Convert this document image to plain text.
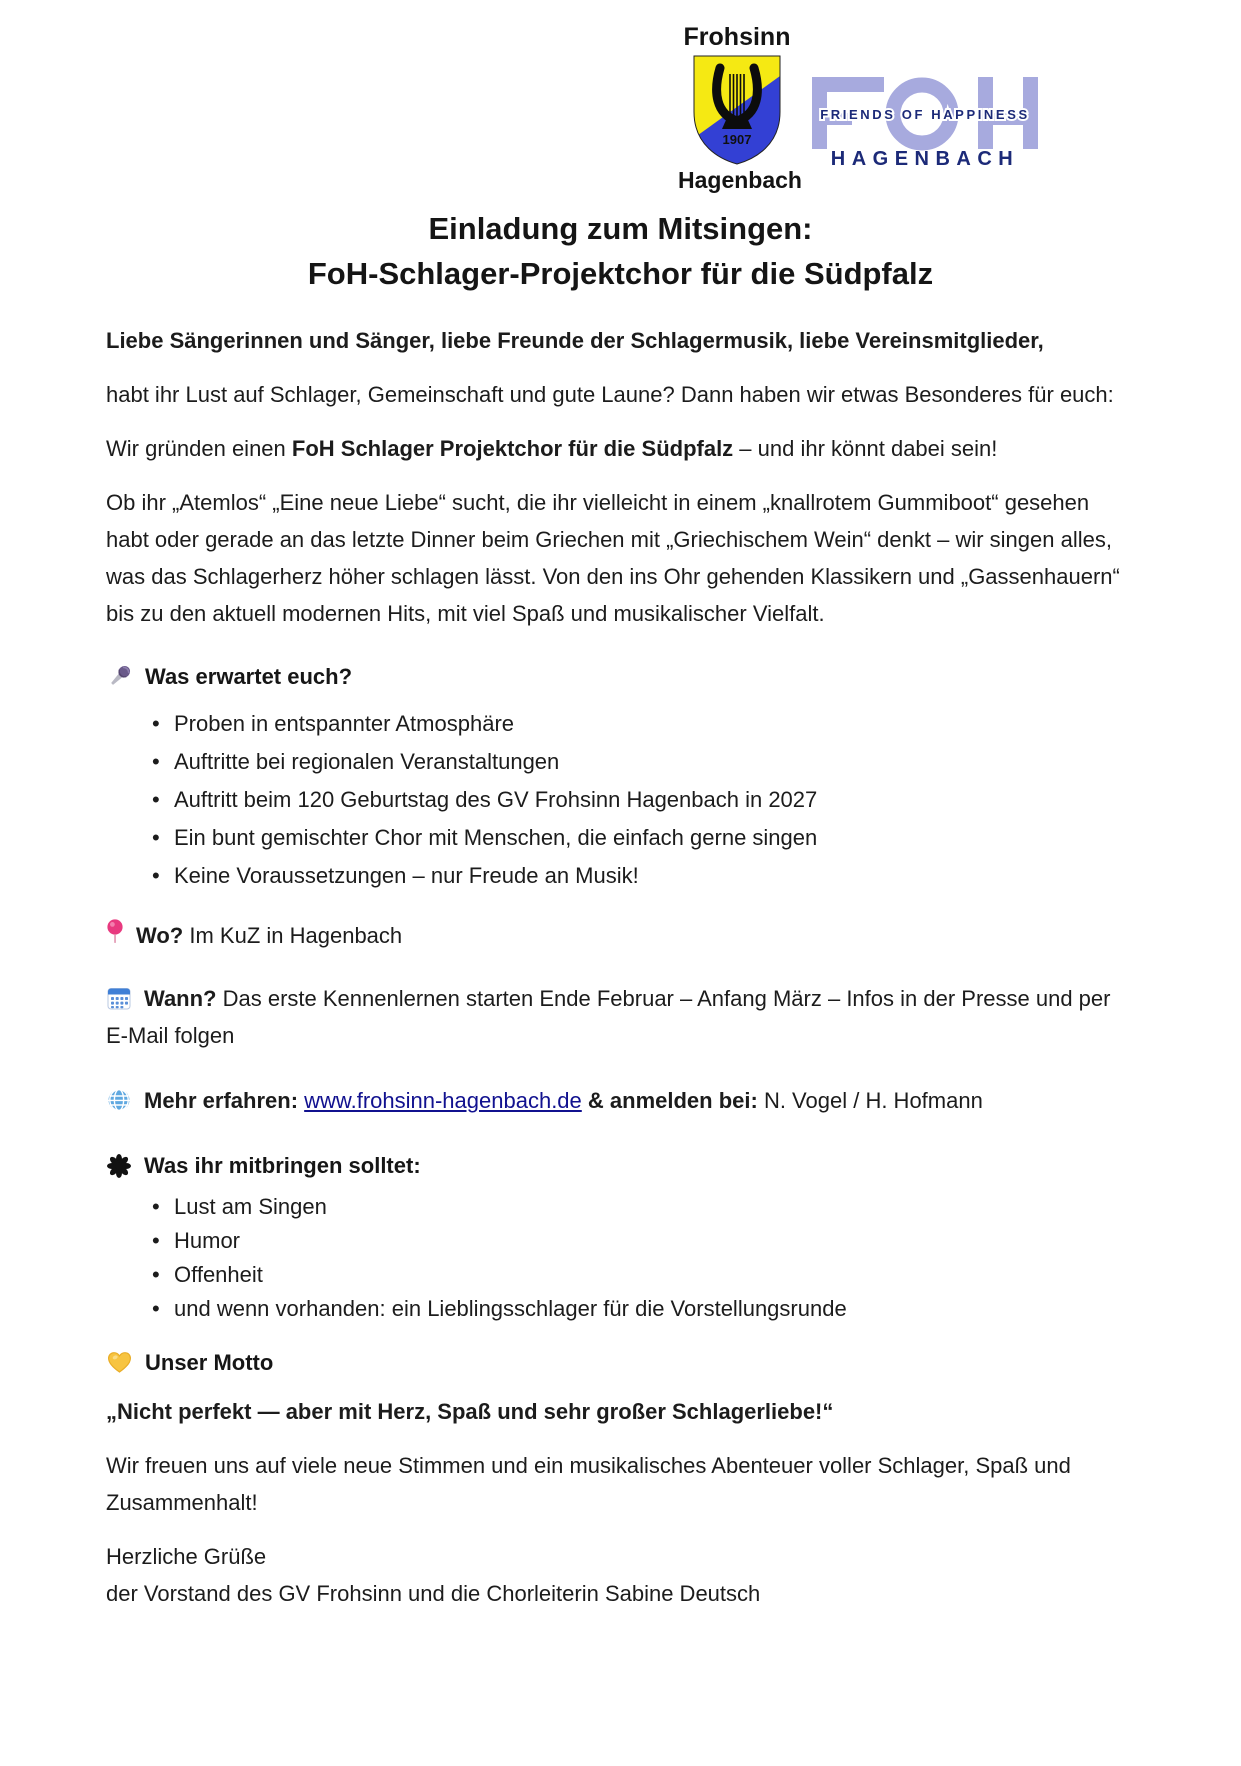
Frohsinn
1907
Hagenbach
FRIENDS OF HAPPINESS
HAGENBACH
Einladung zum Mitsingen:
FoH-Schlager-Projektchor für die Südpfalz

Liebe Sängerinnen und Sänger, liebe Freunde der Schlagermusik, liebe Vereinsmitglieder,

habt ihr Lust auf Schlager, Gemeinschaft und gute Laune? Dann haben wir etwas Besonderes für euch:

Wir gründen einen FoH Schlager Projektchor für die Südpfalz – und ihr könnt dabei sein!

Ob ihr „Atemlos“ „Eine neue Liebe“ sucht, die ihr vielleicht in einem „knallrotem Gummiboot“ gesehen habt oder gerade an das letzte Dinner beim Griechen mit „Griechischem Wein“ denkt – wir singen alles, was das Schlagerherz höher schlagen lässt. Von den ins Ohr gehenden Klassikern und „Gassenhauern“ bis zu den aktuell modernen Hits, mit viel Spaß und musikalischer Vielfalt.

Was erwartet euch?
• Proben in entspannter Atmosphäre
• Auftritte bei regionalen Veranstaltungen
• Auftritt beim 120 Geburtstag des GV Frohsinn Hagenbach in 2027
• Ein bunt gemischter Chor mit Menschen, die einfach gerne singen
• Keine Voraussetzungen – nur Freude an Musik!

Wo? Im KuZ in Hagenbach

Wann? Das erste Kennenlernen starten Ende Februar – Anfang März – Infos in der Presse und per E-Mail folgen

Mehr erfahren: www.frohsinn-hagenbach.de & anmelden bei: N. Vogel / H. Hofmann

Was ihr mitbringen solltet:
• Lust am Singen
• Humor
• Offenheit
• und wenn vorhanden: ein Lieblingsschlager für die Vorstellungsrunde
Unser Motto

„Nicht perfekt — aber mit Herz, Spaß und sehr großer Schlagerliebe!“

Wir freuen uns auf viele neue Stimmen und ein musikalisches Abenteuer voller Schlager, Spaß und Zusammenhalt!

Herzliche Grüße
der Vorstand des GV Frohsinn und die Chorleiterin Sabine Deutsch
